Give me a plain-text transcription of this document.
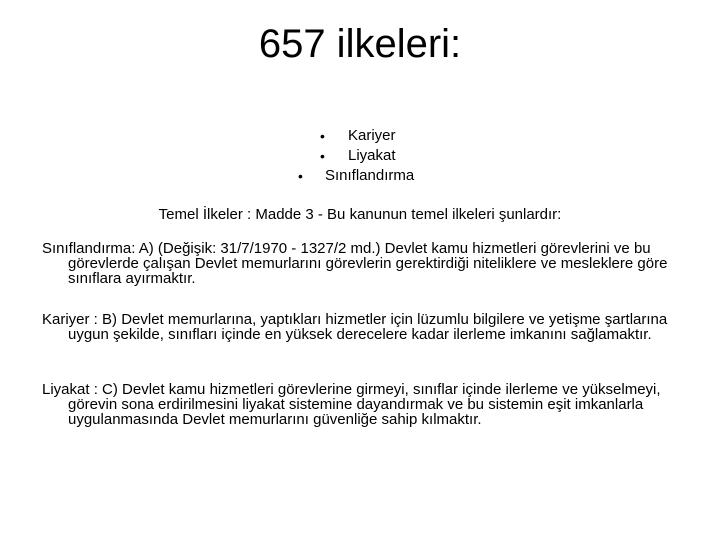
657 ilkeleri:
• Kariyer
• Liyakat
• Sınıflandırma

Temel İlkeler : Madde 3 - Bu kanunun temel ilkeleri şunlardır:

Sınıflandırma: A) (Değişik: 31/7/1970 - 1327/2 md.) Devlet kamu hizmetleri görevlerini ve bu görevlerde çalışan Devlet memurlarını görevlerin gerektirdiği niteliklere ve mesleklere göre sınıflara ayırmaktır.

Kariyer : B) Devlet memurlarına, yaptıkları hizmetler için lüzumlu bilgilere ve yetişme şartlarına uygun şekilde, sınıfları içinde en yüksek derecelere kadar ilerleme imkanını sağlamaktır.

Liyakat : C) Devlet kamu hizmetleri görevlerine girmeyi, sınıflar içinde ilerleme ve yükselmeyi, görevin sona erdirilmesini liyakat sistemine dayandırmak ve bu sistemin eşit imkanlarla uygulanmasında Devlet memurlarını güvenliğe sahip kılmaktır.
